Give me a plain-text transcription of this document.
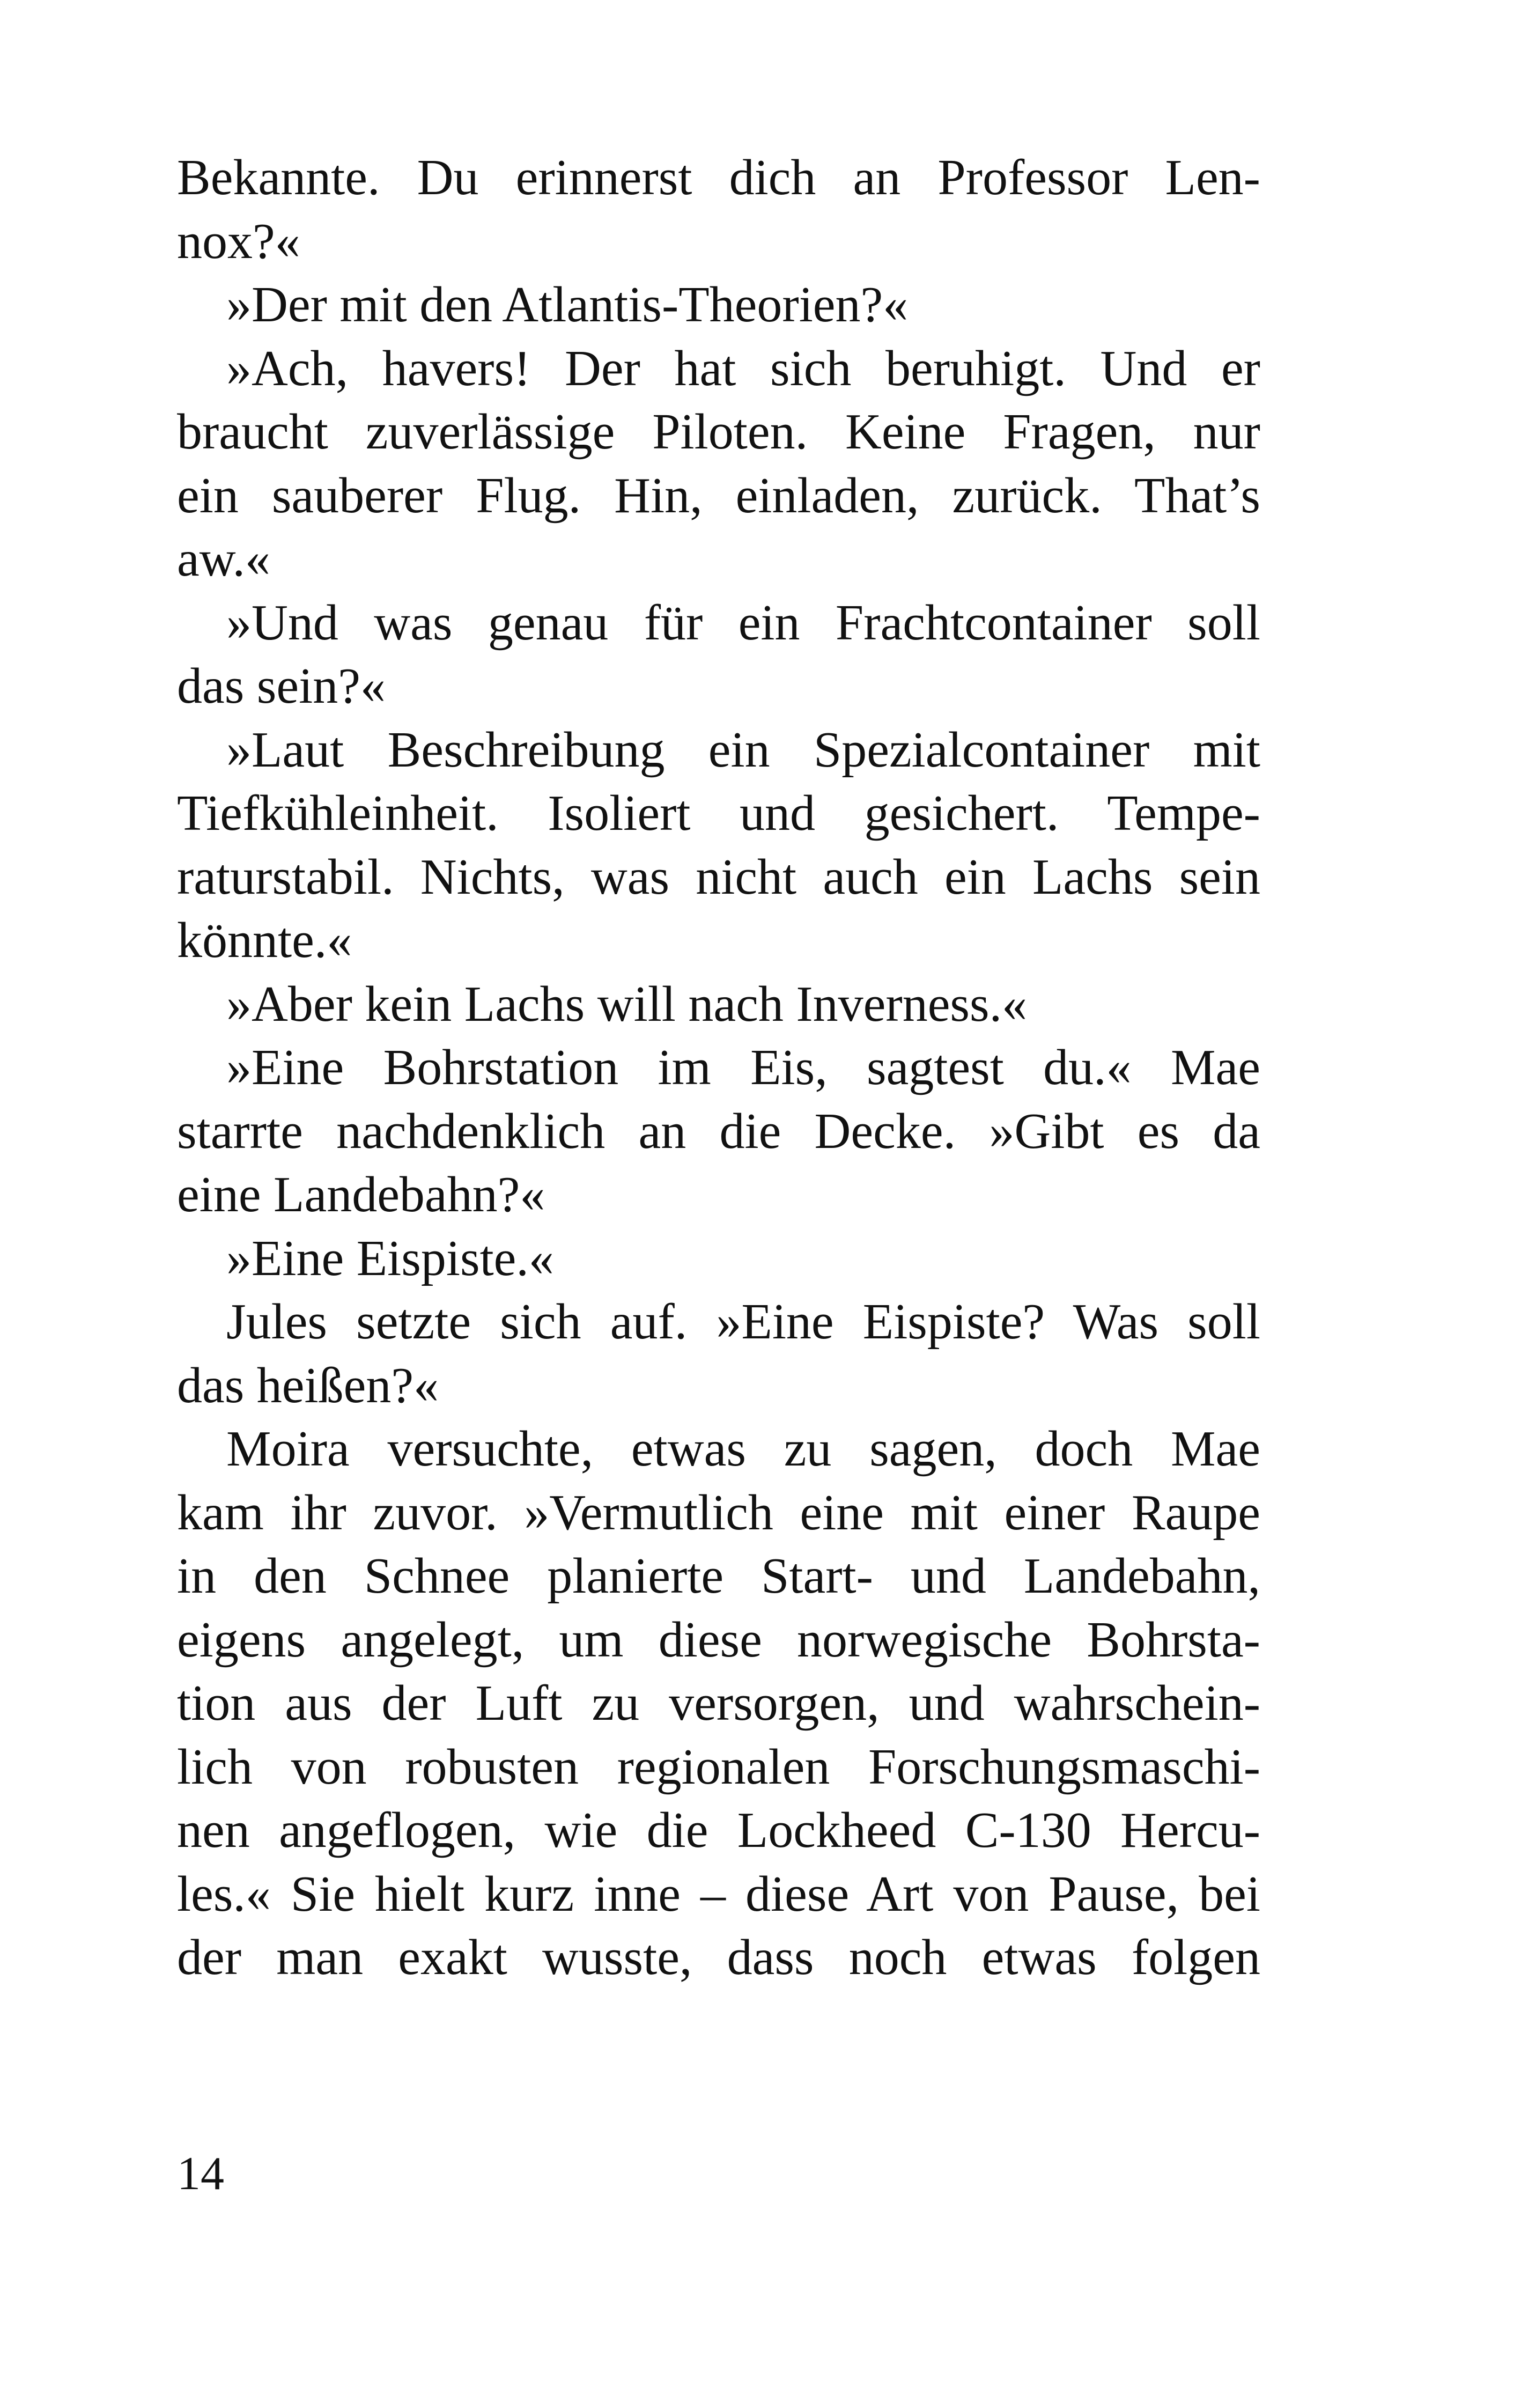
Bekannte. Du erinnerst dich an Professor Len-
nox?«
»Der mit den Atlantis-Theorien?«
»Ach, havers! Der hat sich beruhigt. Und er
braucht zuverlässige Piloten. Keine Fragen, nur
ein sauberer Flug. Hin, einladen, zurück. That’s
aw.«
»Und was genau für ein Frachtcontainer soll
das sein?«
»Laut Beschreibung ein Spezialcontainer mit
Tiefkühleinheit. Isoliert und gesichert. Tempe-
raturstabil. Nichts, was nicht auch ein Lachs sein
könnte.«
»Aber kein Lachs will nach Inverness.«
»Eine Bohrstation im Eis, sagtest du.« Mae
starrte nachdenklich an die Decke. »Gibt es da
eine Landebahn?«
»Eine Eispiste.«
Jules setzte sich auf. »Eine Eispiste? Was soll
das heißen?«
Moira versuchte, etwas zu sagen, doch Mae
kam ihr zuvor. »Vermutlich eine mit einer Raupe
in den Schnee planierte Start- und Landebahn,
eigens angelegt, um diese norwegische Bohrsta-
tion aus der Luft zu versorgen, und wahrschein-
lich von robusten regionalen Forschungsmaschi-
nen angeflogen, wie die Lockheed C-130 Hercu-
les.« Sie hielt kurz inne – diese Art von Pause, bei
der man exakt wusste, dass noch etwas folgen
14
